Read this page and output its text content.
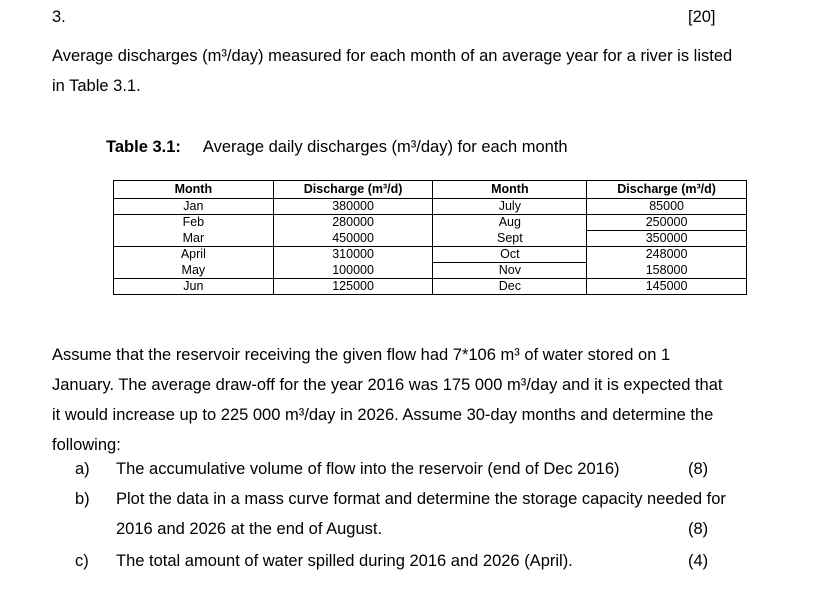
3.	[20]
Average discharges (m³/day) measured for each month of an average year for a river is listed
in Table 3.1.
Table 3.1: Average daily discharges (m³/day) for each month
Month	Discharge (m³/d)	Month	Discharge (m³/d)
Jan	380000	July	85000
Feb	280000	Aug	250000
Mar	450000	Sept	350000
April	310000	Oct	248000
May	100000	Nov	158000
Jun	125000	Dec	145000
Assume that the reservoir receiving the given flow had 7*106 m³ of water stored on 1
January. The average draw-off for the year 2016 was 175 000 m³/day and it is expected that
it would increase up to 225 000 m³/day in 2026. Assume 30-day months and determine the
following:
a) The accumulative volume of flow into the reservoir (end of Dec 2016)	(8)
b) Plot the data in a mass curve format and determine the storage capacity needed for
2016 and 2026 at the end of August.	(8)
c) The total amount of water spilled during 2016 and 2026 (April).	(4)
